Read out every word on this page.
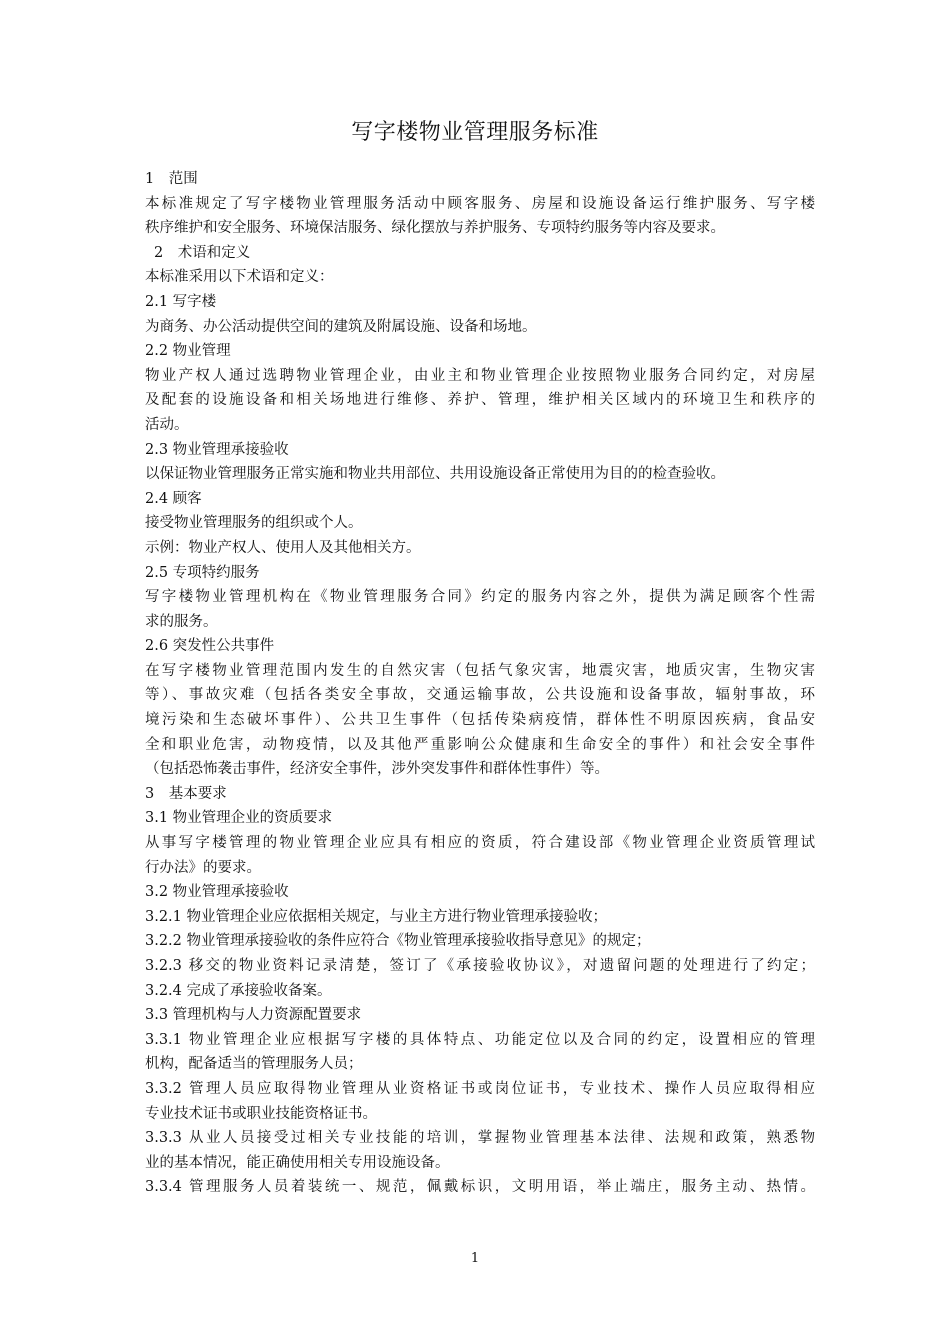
写字楼物业管理服务标准
1　范围
本标准规定了写字楼物业管理服务活动中顾客服务、房屋和设施设备运行维护服务、写字楼
秩序维护和安全服务、环境保洁服务、绿化摆放与养护服务、专项特约服务等内容及要求。
2　术语和定义
本标准采用以下术语和定义：
2.1 写字楼
为商务、办公活动提供空间的建筑及附属设施、设备和场地。
2.2 物业管理
物业产权人通过选聘物业管理企业，由业主和物业管理企业按照物业服务合同约定，对房屋
及配套的设施设备和相关场地进行维修、养护、管理，维护相关区域内的环境卫生和秩序的
活动。
2.3 物业管理承接验收
以保证物业管理服务正常实施和物业共用部位、共用设施设备正常使用为目的的检查验收。
2.4 顾客
接受物业管理服务的组织或个人。
示例：物业产权人、使用人及其他相关方。
2.5 专项特约服务
写字楼物业管理机构在《物业管理服务合同》约定的服务内容之外，提供为满足顾客个性需
求的服务。
2.6 突发性公共事件
在写字楼物业管理范围内发生的自然灾害（包括气象灾害，地震灾害，地质灾害，生物灾害
等）、事故灾难（包括各类安全事故，交通运输事故，公共设施和设备事故，辐射事故，环
境污染和生态破坏事件）、公共卫生事件（包括传染病疫情，群体性不明原因疾病，食品安
全和职业危害，动物疫情，以及其他严重影响公众健康和生命安全的事件）和社会安全事件
（包括恐怖袭击事件，经济安全事件，涉外突发事件和群体性事件）等。
3　基本要求
3.1 物业管理企业的资质要求
从事写字楼管理的物业管理企业应具有相应的资质，符合建设部《物业管理企业资质管理试
行办法》的要求。
3.2 物业管理承接验收
3.2.1 物业管理企业应依据相关规定，与业主方进行物业管理承接验收；
3.2.2 物业管理承接验收的条件应符合《物业管理承接验收指导意见》的规定；
3.2.3 移交的物业资料记录清楚，签订了《承接验收协议》，对遗留问题的处理进行了约定；
3.2.4 完成了承接验收备案。
3.3 管理机构与人力资源配置要求
3.3.1 物业管理企业应根据写字楼的具体特点、功能定位以及合同的约定，设置相应的管理
机构，配备适当的管理服务人员；
3.3.2 管理人员应取得物业管理从业资格证书或岗位证书，专业技术、操作人员应取得相应
专业技术证书或职业技能资格证书。
3.3.3 从业人员接受过相关专业技能的培训，掌握物业管理基本法律、法规和政策，熟悉物
业的基本情况，能正确使用相关专用设施设备。
3.3.4 管理服务人员着装统一、规范，佩戴标识，文明用语，举止端庄，服务主动、热情。
1
